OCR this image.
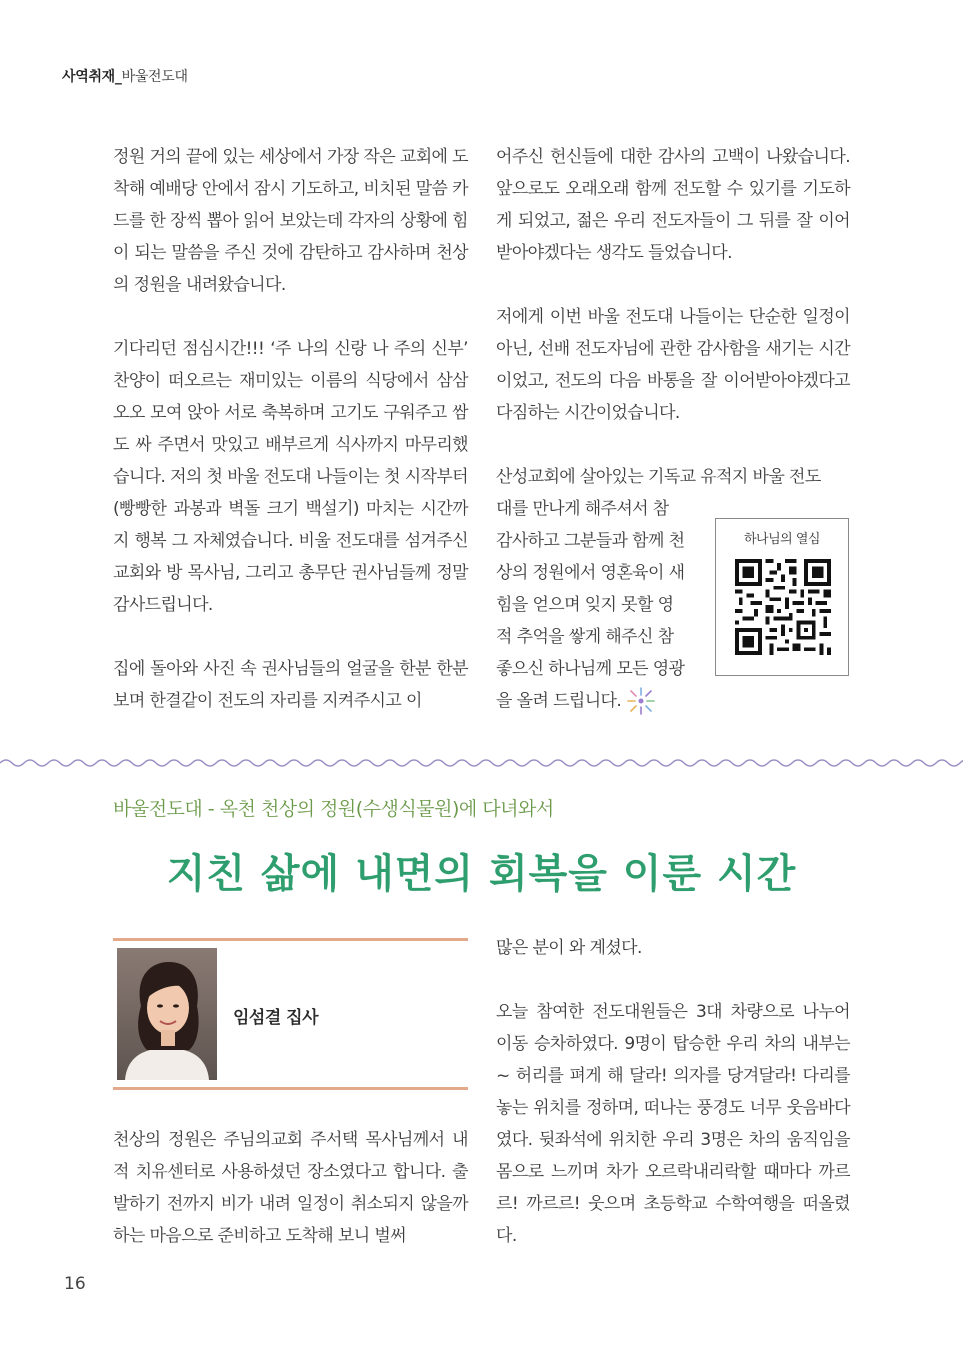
사역취재_바울전도대

정원 거의 끝에 있는 세상에서 가장 작은 교회에 도착해 예배당 안에서 잠시 기도하고, 비치된 말씀 카드를 한 장씩 뽑아 읽어 보았는데 각자의 상황에 힘이 되는 말씀을 주신 것에 감탄하고 감사하며 천상의 정원을 내려왔습니다.

기다리던 점심시간!!! ‘주 나의 신랑 나 주의 신부’ 찬양이 떠오르는 재미있는 이름의 식당에서 삼삼오오 모여 앉아 서로 축복하며 고기도 구워주고 쌈도 싸 주면서 맛있고 배부르게 식사까지 마무리했습니다. 저의 첫 바울 전도대 나들이는 첫 시작부터 (빵빵한 과봉과 벽돌 크기 백설기) 마치는 시간까지 행복 그 자체였습니다. 비울 전도대를 섬겨주신 교회와 방 목사님, 그리고 총무단 권사님들께 정말 감사드립니다.

집에 돌아와 사진 속 권사님들의 얼굴을 한분 한분 보며 한결같이 전도의 자리를 지켜주시고 이

어주신 헌신들에 대한 감사의 고백이 나왔습니다. 앞으로도 오래오래 함께 전도할 수 있기를 기도하게 되었고, 젊은 우리 전도자들이 그 뒤를 잘 이어받아야겠다는 생각도 들었습니다.

저에게 이번 바울 전도대 나들이는 단순한 일정이 아닌, 선배 전도자님에 관한 감사함을 새기는 시간이었고, 전도의 다음 바통을 잘 이어받아야겠다고 다짐하는 시간이었습니다.

산성교회에 살아있는 기독교 유적지 바울 전도

대를 만나게 해주셔서 참

감사하고 그분들과 함께 천

상의 정원에서 영혼육이 새

힘을 얻으며 잊지 못할 영

적 추억을 쌓게 해주신 참

좋으신 하나님께 모든 영광

을 올려 드립니다.

하나님의 열심
바울전도대 - 옥천 천상의 정원(수생식물원)에 다녀와서
지친 삶에 내면의 회복을 이룬 시간
임섬결 집사

천상의 정원은 주님의교회 주서택 목사님께서 내적 치유센터로 사용하셨던 장소였다고 합니다. 출발하기 전까지 비가 내려 일정이 취소되지 않을까 하는 마음으로 준비하고 도착해 보니 벌써

많은 분이 와 계셨다.

오늘 참여한 전도대원들은 3대 차량으로 나누어 이동 승차하였다. 9명이 탑승한 우리 차의 내부는~ 허리를 펴게 해 달라! 의자를 당겨달라! 다리를 놓는 위치를 정하며, 떠나는 풍경도 너무 웃음바다였다. 뒷좌석에 위치한 우리 3명은 차의 움직임을 몸으로 느끼며 차가 오르락내리락할 때마다 까르르! 까르르! 웃으며 초등학교 수학여행을 떠올렸다.

16
